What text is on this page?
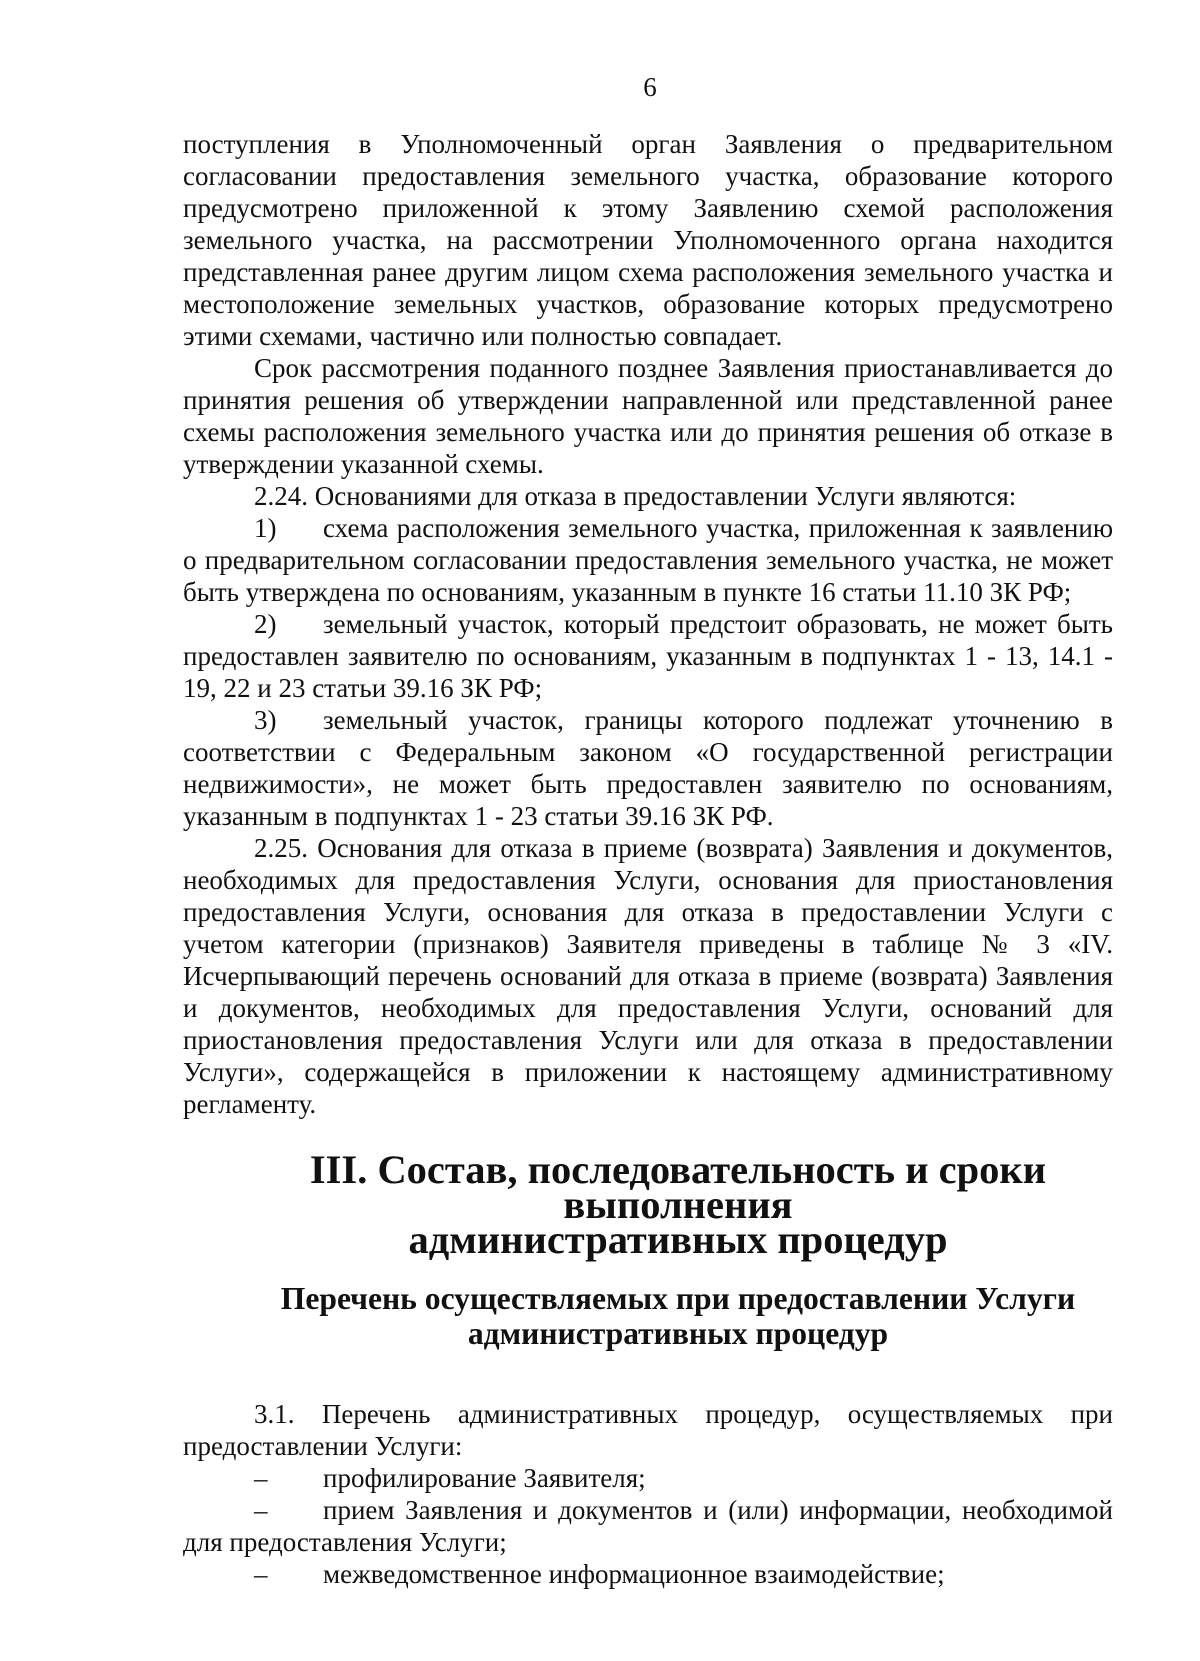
6

поступления в Уполномоченный орган Заявления о предварительном согласовании предоставления земельного участка, образование которого предусмотрено приложенной к этому Заявлению схемой расположения земельного участка, на рассмотрении Уполномоченного органа находится представленная ранее другим лицом схема расположения земельного участка и местоположение земельных участков, образование которых предусмотрено этими схемами, частично или полностью совпадает.

Срок рассмотрения поданного позднее Заявления приостанавливается до принятия решения об утверждении направленной или представленной ранее схемы расположения земельного участка или до принятия решения об отказе в утверждении указанной схемы.

2.24. Основаниями для отказа в предоставлении Услуги являются:

1) схема расположения земельного участка, приложенная к заявлению о предварительном согласовании предоставления земельного участка, не может быть утверждена по основаниям, указанным в пункте 16 статьи 11.10 ЗК РФ;

2) земельный участок, который предстоит образовать, не может быть предоставлен заявителю по основаниям, указанным в подпунктах 1 - 13, 14.1 - 19, 22 и 23 статьи 39.16 ЗК РФ;

3) земельный участок, границы которого подлежат уточнению в соответствии с Федеральным законом «О государственной регистрации недвижимости», не может быть предоставлен заявителю по основаниям, указанным в подпунктах 1 - 23 статьи 39.16 ЗК РФ.

2.25. Основания для отказа в приеме (возврата) Заявления и документов, необходимых для предоставления Услуги, основания для приостановления предоставления Услуги, основания для отказа в предоставлении Услуги с учетом категории (признаков) Заявителя приведены в таблице № 3 «IV. Исчерпывающий перечень оснований для отказа в приеме (возврата) Заявления и документов, необходимых для предоставления Услуги, оснований для приостановления предоставления Услуги или для отказа в предоставлении Услуги», содержащейся в приложении к настоящему административному регламенту.

III. Состав, последовательность и сроки выполнения
административных процедур
Перечень осуществляемых при предоставлении Услуги
административных процедур

3.1. Перечень административных процедур, осуществляемых при предоставлении Услуги:

– профилирование Заявителя;

– прием Заявления и документов и (или) информации, необходимой для предоставления Услуги;

– межведомственное информационное взаимодействие;
